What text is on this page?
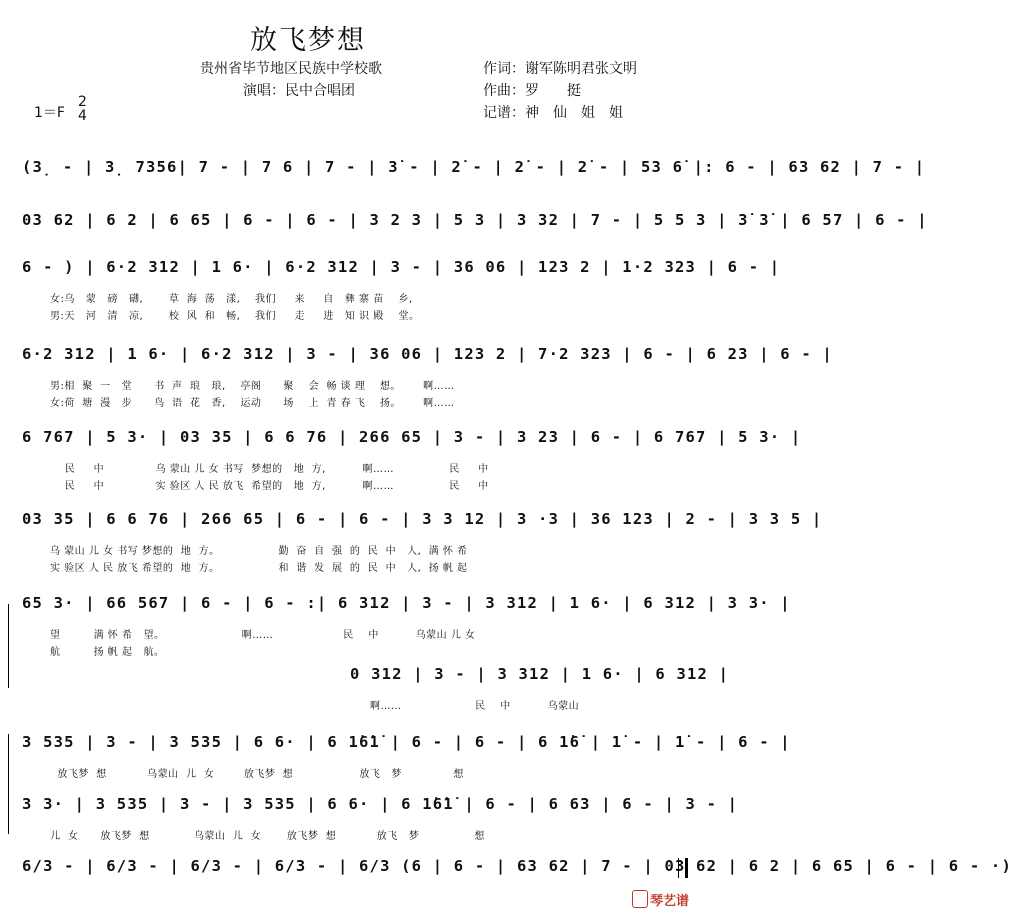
放飞梦想
贵州省毕节地区民族中学校歌
演唱：民中合唱团
作词：谢军陈明君张文明
作曲：罗　　挺
记谱：神　仙　姐　姐
1＝F
2
4
(3̣ - | 3̣ 7356| 7 - | 7 6 | 7 - | 3̇ - | 2̇ - | 2̇ - | 2̇ - | 53 6̇ |: 6 - | 63 62 | 7 - |
03 62 | 6 2 | 6 65 | 6 - | 6 - | 3 2 3 | 5 3 | 3 32 | 7 - | 5 5 3 | 3̇ 3̇ | 6 57 | 6 - |
6 - ) | 6·2 312 | 1 6· | 6·2 312 | 3 - | 36 06 | 123 2 | 1·2 323 | 6 - |
女:乌   蒙   磅   礴,       草  海  荡   漾,    我们     来     自   彝 寨 苗    乡,
男:天   河   清   凉,       校  风  和   畅,    我们     走     进   知 识 殿    堂。
6·2 312 | 1 6· | 6·2 312 | 3 - | 36 06 | 123 2 | 7·2 323 | 6 - | 6 23 | 6 - |
男:相  聚  一   堂      书  声  琅   琅,    亭阁      聚    会  畅 谈 理    想。      啊……
女:荷  塘  漫   步      鸟  语  花   香,    运动      场    上  青 春 飞    扬。      啊……
6 767 | 5 3· | 03 35 | 6 6 76 | 266 65 | 3 - | 3 23 | 6 - | 6 767 | 5 3· |
民     中              乌 蒙山 儿 女 书写  梦想的   地  方,          啊……               民     中
民     中              实 验区 人 民 放飞  希望的   地  方,          啊……               民     中
03 35 | 6 6 76 | 266 65 | 6 - | 6 - | 3 3 12 | 3 ·3 | 36 123 | 2 - | 3 3 5 |
乌 蒙山 儿 女 书写 梦想的  地  方。                勤  奋  自  强  的  民  中   人,  满 怀 希
实 验区 人 民 放飞 希望的  地  方。                和  谐  发  展  的  民  中   人,  扬 帆 起
65 3· | 66 567 | 6 - | 6 - :| 6 312 | 3 - | 3 312 | 1 6· | 6 312 | 3 3· |
望         满 怀 希   望。                     啊……                   民    中          乌蒙山 儿 女
航         扬 帆 起   航。
0 312 | 3 - | 3 312 | 1 6· | 6 312 |
啊……                    民    中          乌蒙山
3 535 | 3 - | 3 535 | 6 6· | 6 1̇6̇1̇ | 6 - | 6 - | 6 1̇6̇ | 1̇ - | 1̇ - | 6 - |
放飞梦  想           乌蒙山  儿  女        放飞梦  想                  放飞   梦              想
3 3· | 3 535 | 3 - | 3 535 | 6 6· | 6 1̇6̇1̇ | 6 - | 6 63 | 6 - | 3 - |
儿  女      放飞梦  想            乌蒙山  儿  女       放飞梦  想           放飞   梦               想
6/3 - | 6/3 - | 6/3 - | 6/3 - | 6/3 (6 | 6 - | 63 62 | 7 - | 03 62 | 6 2 | 6 65 | 6 - | 6 - ·)
琴艺谱
